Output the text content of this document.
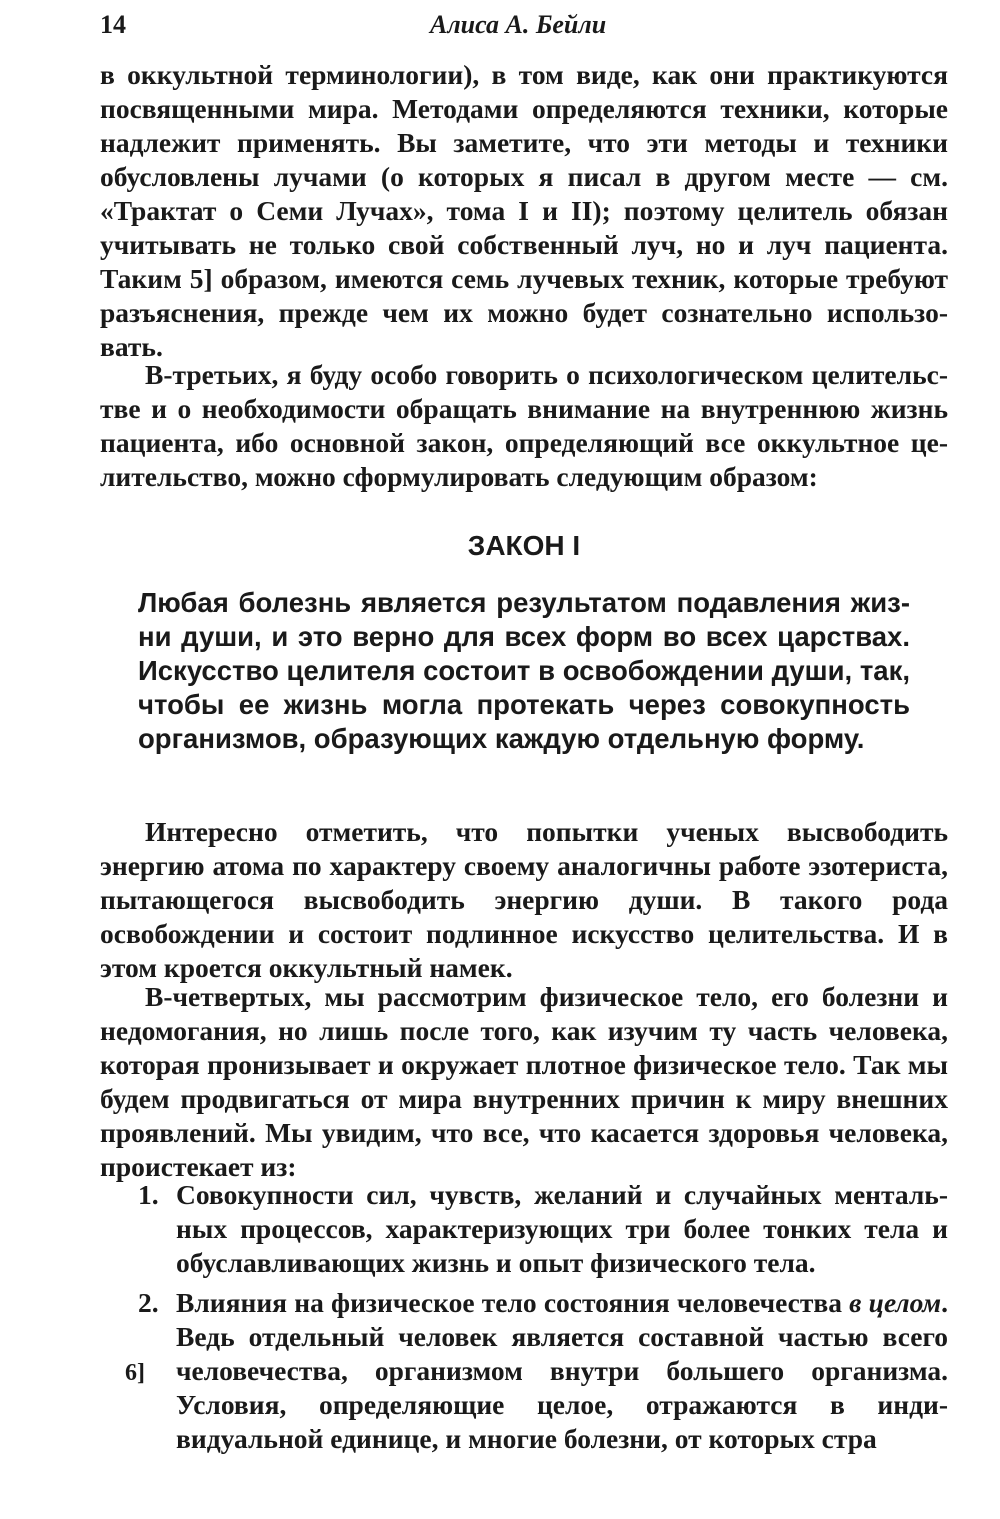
14	Алиса А. Бейли

в оккультной терминологии), в том виде, как они практикуются посвященными мира. Методами определяются техники, которые надлежит применять. Вы заметите, что эти методы и техники обусловлены лучами (о которых я писал в другом месте — см. «Трактат о Семи Лучах», тома I и II); поэтому целитель обязан учитывать не только свой собственный луч, но и луч пациента. Таким 5] образом, имеются семь лучевых техник, которые требуют разъяснения, прежде чем их можно будет сознательно использовать.

В-третьих, я буду особо говорить о психологическом целительстве и о необходимости обращать внимание на внутреннюю жизнь пациента, ибо основной закон, определяющий все оккультное целительство, можно сформулировать следующим образом:

ЗАКОН I

Любая болезнь является результатом подавления жизни души, и это верно для всех форм во всех царствах. Искусство целителя состоит в освобождении души, так, чтобы ее жизнь могла протекать через совокупность организмов, образующих каждую отдельную форму.

Интересно отметить, что попытки ученых высвободить энергию атома по характеру своему аналогичны работе эзотериста, пытающегося высвободить энергию души. В такого рода освобождении и состоит подлинное искусство целительства. И в этом кроется оккультный намек.

В-четвертых, мы рассмотрим физическое тело, его болезни и недомогания, но лишь после того, как изучим ту часть человека, которая пронизывает и окружает плотное физическое тело. Так мы будем продвигаться от мира внутренних причин к миру внешних проявлений. Мы увидим, что все, что касается здоровья человека, проистекает из:

1. Совокупности сил, чувств, желаний и случайных ментальных процессов, характеризующих три более тонких тела и обуславливающих жизнь и опыт физического тела.
2. Влияния на физическое тело состояния человечества в целом. Ведь отдельный человек является составной частью всего человечества, организмом внутри большего организма. Условия, определяющие целое, отражаются в индивидуальной единице, и многие болезни, от которых стра
6]
